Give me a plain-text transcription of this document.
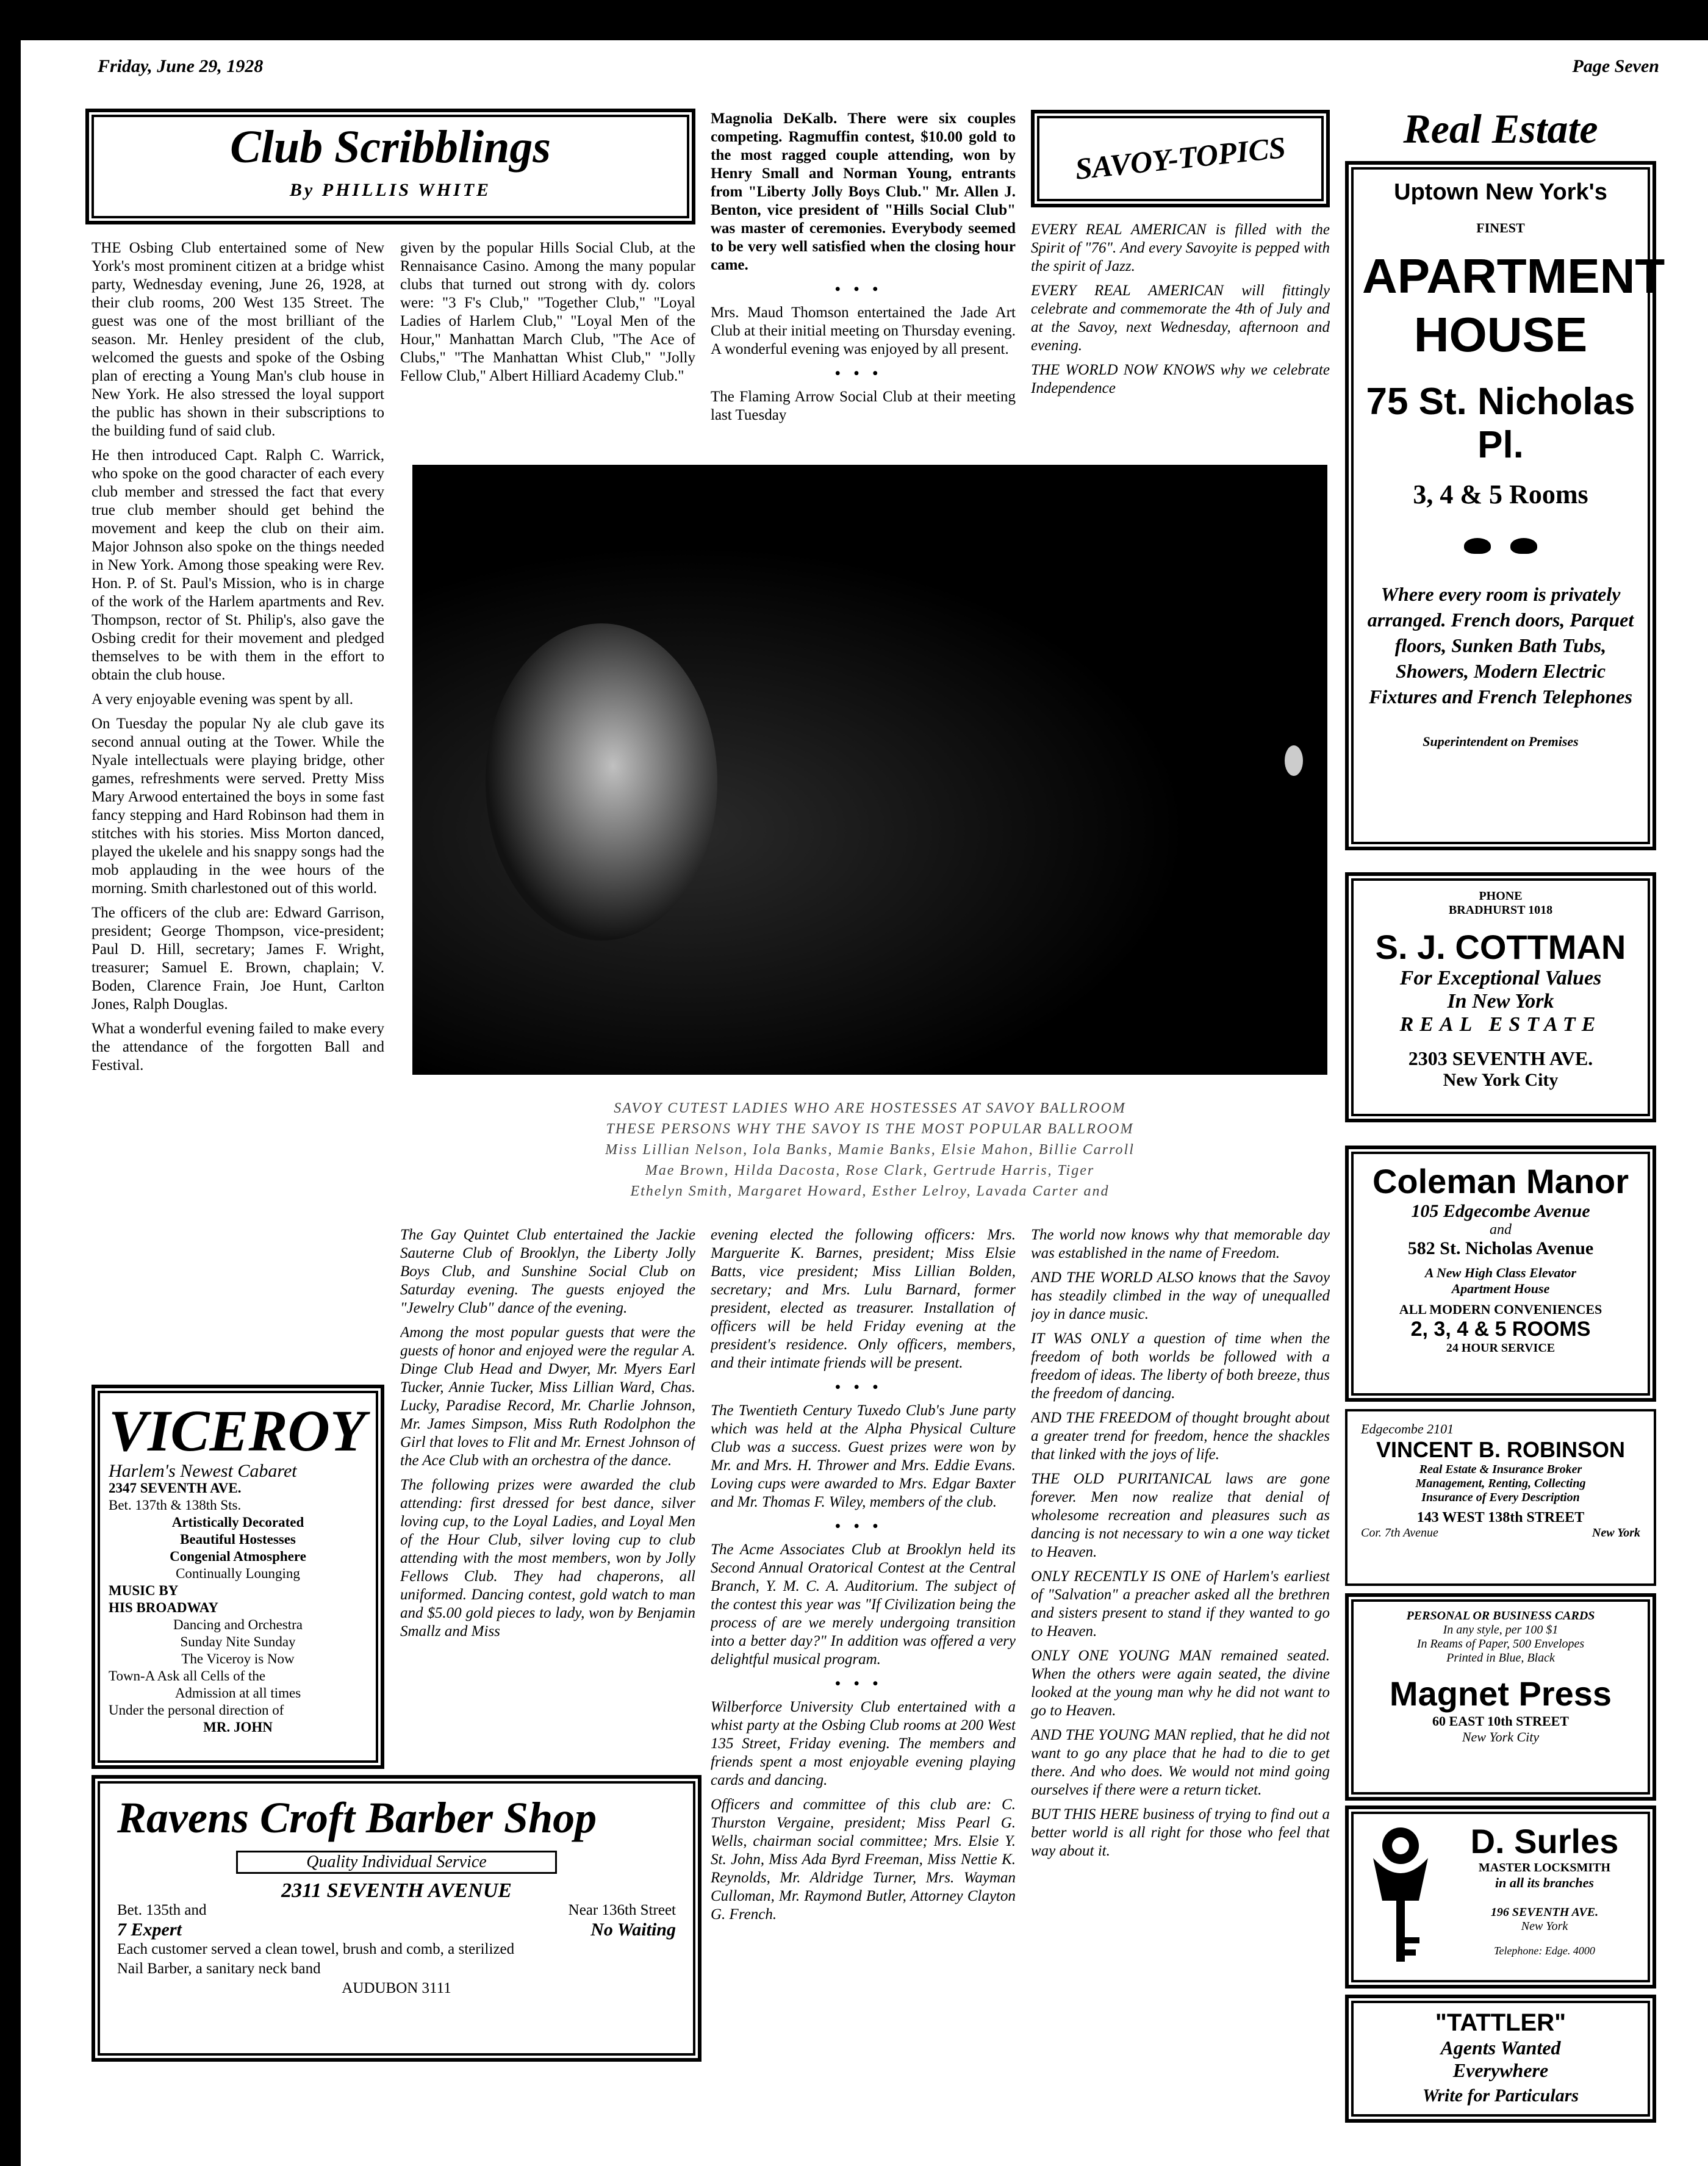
Friday, June 29, 1928	Page Seven
Club Scribblings
By PHILLIS WHITE

THE Osbing Club entertained some of New York's most prominent citizen at a bridge whist party, Wednesday evening, June 26, 1928, at their club rooms, 200 West 135 Street. The guest was one of the most brilliant of the season. Mr. Henley president of the club, welcomed the guests and spoke of the Osbing plan of erecting a Young Man's club house in New York. He also stressed the loyal support the public has shown in their subscriptions to the building fund of said club.

He then introduced Capt. Ralph C. Warrick, who spoke on the good character of each every club member and stressed the fact that every true club member should get behind the movement and keep the club on their aim. Major Johnson also spoke on the things needed in New York. Among those speaking were Rev. Hon. P. of St. Paul's Mission, who is in charge of the work of the Harlem apartments and Rev. Thompson, rector of St. Philip's, also gave the Osbing credit for their movement and pledged themselves to be with them in the effort to obtain the club house.

A very enjoyable evening was spent by all.

On Tuesday the popular Ny ale club gave its second annual outing at the Tower. While the Nyale intellectuals were playing bridge, other games, refreshments were served. Pretty Miss Mary Arwood entertained the boys in some fast fancy stepping and Hard Robinson had them in stitches with his stories. Miss Morton danced, played the ukelele and his snappy songs had the mob applauding in the wee hours of the morning. Smith charlestoned out of this world.

The officers of the club are: Edward Garrison, president; George Thompson, vice-president; Paul D. Hill, secretary; James F. Wright, treasurer; Samuel E. Brown, chaplain; V. Boden, Clarence Frain, Joe Hunt, Carlton Jones, Ralph Douglas.

What a wonderful evening failed to make every the attendance of the forgotten Ball and Festival.

given by the popular Hills Social Club, at the Rennaisance Casino. Among the many popular clubs that turned out strong with dy. colors were: "3 F's Club," "Together Club," "Loyal Ladies of Harlem Club," "Loyal Men of the Hour," Manhattan March Club, "The Ace of Clubs," "The Manhattan Whist Club," "Jolly Fellow Club," Albert Hilliard Academy Club."

Magnolia DeKalb. There were six couples competing. Ragmuffin contest, $10.00 gold to the most ragged couple attending, won by Henry Small and Norman Young, entrants from "Liberty Jolly Boys Club." Mr. Allen J. Benton, vice president of "Hills Social Club" was master of ceremonies. Everybody seemed to be very well satisfied when the closing hour came.

•••

Mrs. Maud Thomson entertained the Jade Art Club at their initial meeting on Thursday evening. A wonderful evening was enjoyed by all present.

•••

The Flaming Arrow Social Club at their meeting last Tuesday

SAVOY-TOPICS

EVERY REAL AMERICAN is filled with the Spirit of "76". And every Savoyite is pepped with the spirit of Jazz.

EVERY REAL AMERICAN will fittingly celebrate and commemorate the 4th of July and at the Savoy, next Wednesday, afternoon and evening.

THE WORLD NOW KNOWS why we celebrate Independence

SAVOY CUTEST LADIES WHO ARE HOSTESSES AT SAVOY BALLROOM
THESE PERSONS WHY THE SAVOY IS THE MOST POPULAR BALLROOM
Miss Lillian Nelson, Iola Banks, Mamie Banks, Elsie Mahon, Billie Carroll
Mae Brown, Hilda Dacosta, Rose Clark, Gertrude Harris, Tiger
Ethelyn Smith, Margaret Howard, Esther Lelroy, Lavada Carter and

The Gay Quintet Club entertained the Jackie Sauterne Club of Brooklyn, the Liberty Jolly Boys Club, and Sunshine Social Club on Saturday evening. The guests enjoyed the "Jewelry Club" dance of the evening.

Among the most popular guests that were the guests of honor and enjoyed were the regular A. Dinge Club Head and Dwyer, Mr. Myers Earl Tucker, Annie Tucker, Miss Lillian Ward, Chas. Lucky, Paradise Record, Mr. Charlie Johnson, Mr. James Simpson, Miss Ruth Rodolphon the Girl that loves to Flit and Mr. Ernest Johnson of the Ace Club with an orchestra of the dance.

The following prizes were awarded the club attending: first dressed for best dance, silver loving cup, to the Loyal Ladies, and Loyal Men of the Hour Club, silver loving cup to club attending with the most members, won by Jolly Fellows Club. They had chaperons, all uniformed. Dancing contest, gold watch to man and $5.00 gold pieces to lady, won by Benjamin Smallz and Miss

evening elected the following officers: Mrs. Marguerite K. Barnes, president; Miss Elsie Batts, vice president; Miss Lillian Bolden, secretary; and Mrs. Lulu Barnard, former president, elected as treasurer. Installation of officers will be held Friday evening at the president's residence. Only officers, members, and their intimate friends will be present.

•••

The Twentieth Century Tuxedo Club's June party which was held at the Alpha Physical Culture Club was a success. Guest prizes were won by Mr. and Mrs. H. Thrower and Mrs. Eddie Evans. Loving cups were awarded to Mrs. Edgar Baxter and Mr. Thomas F. Wiley, members of the club.

•••

The Acme Associates Club at Brooklyn held its Second Annual Oratorical Contest at the Central Branch, Y. M. C. A. Auditorium. The subject of the contest this year was "If Civilization being the process of are we merely undergoing transition into a better day?" In addition was offered a very delightful musical program.

•••

Wilberforce University Club entertained with a whist party at the Osbing Club rooms at 200 West 135 Street, Friday evening. The members and friends spent a most enjoyable evening playing cards and dancing.

Officers and committee of this club are: C. Thurston Vergaine, president; Miss Pearl G. Wells, chairman social committee; Mrs. Elsie Y. St. John, Miss Ada Byrd Freeman, Miss Nettie K. Reynolds, Mr. Aldridge Turner, Mrs. Wayman Culloman, Mr. Raymond Butler, Attorney Clayton G. French.

The world now knows why that memorable day was established in the name of Freedom.

AND THE WORLD ALSO knows that the Savoy has steadily climbed in the way of unequalled joy in dance music.

IT WAS ONLY a question of time when the freedom of both worlds be followed with a freedom of ideas. The liberty of both breeze, thus the freedom of dancing.

AND THE FREEDOM of thought brought about a greater trend for freedom, hence the shackles that linked with the joys of life.

THE OLD PURITANICAL laws are gone forever. Men now realize that denial of wholesome recreation and pleasures such as dancing is not necessary to win a one way ticket to Heaven.

ONLY RECENTLY IS ONE of Harlem's earliest of "Salvation" a preacher asked all the brethren and sisters present to stand if they wanted to go to Heaven.

ONLY ONE YOUNG MAN remained seated. When the others were again seated, the divine looked at the young man why he did not want to go to Heaven.

AND THE YOUNG MAN replied, that he did not want to go any place that he had to die to get there. And who does. We would not mind going ourselves if there were a return ticket.

BUT THIS HERE business of trying to find out a better world is all right for those who feel that way about it.

VICEROY
Harlem's Newest Cabaret
2347 SEVENTH AVE.
Bet. 137th & 138th Sts.
Artistically Decorated
Beautiful Hostesses
Congenial Atmosphere
Continually Lounging
MUSIC BY
HIS BROADWAY
Dancing and Orchestra
Sunday Nite Sunday
The Viceroy is Now
Town-A Ask all Cells of the
Admission at all times
Under the personal direction of
MR. JOHN
Ravens Croft Barber Shop
Quality Individual Service
2311 SEVENTH AVENUE
Bet. 135th and	Near 136th Street
7 Expert	No Waiting
Each customer served a clean towel, brush and comb, a sterilized
Nail Barber, a sanitary neck band
AUDUBON 3111
Real Estate
Uptown New York's
FINEST
APARTMENT
HOUSE
75 St. Nicholas Pl.
3, 4 & 5 Rooms
Where every room is privately arranged. French doors, Parquet floors, Sunken Bath Tubs, Showers, Modern Electric Fixtures and French Telephones
Superintendent on Premises
PHONE
BRADHURST 1018
S. J. COTTMAN
For Exceptional Values
In New York
REAL ESTATE
2303 SEVENTH AVE.
New York City
Coleman Manor
105 Edgecombe Avenue
and
582 St. Nicholas Avenue
A New High Class Elevator
Apartment House
ALL MODERN CONVENIENCES
2, 3, 4 & 5 ROOMS
24 HOUR SERVICE
Edgecombe 2101
VINCENT B. ROBINSON
Real Estate & Insurance Broker
Management, Renting, Collecting
Insurance of Every Description
143 WEST 138th STREET
Cor. 7th Avenue	New York
PERSONAL OR BUSINESS CARDS
In any style, per 100 $1
In Reams of Paper, 500 Envelopes
Printed in Blue, Black
Magnet Press
60 EAST 10th STREET
New York City
D. Surles
MASTER LOCKSMITH
in all its branches
196 SEVENTH AVE.
New York
Telephone: Edge. 4000
"TATTLER"
Agents Wanted
Everywhere
Write for Particulars
